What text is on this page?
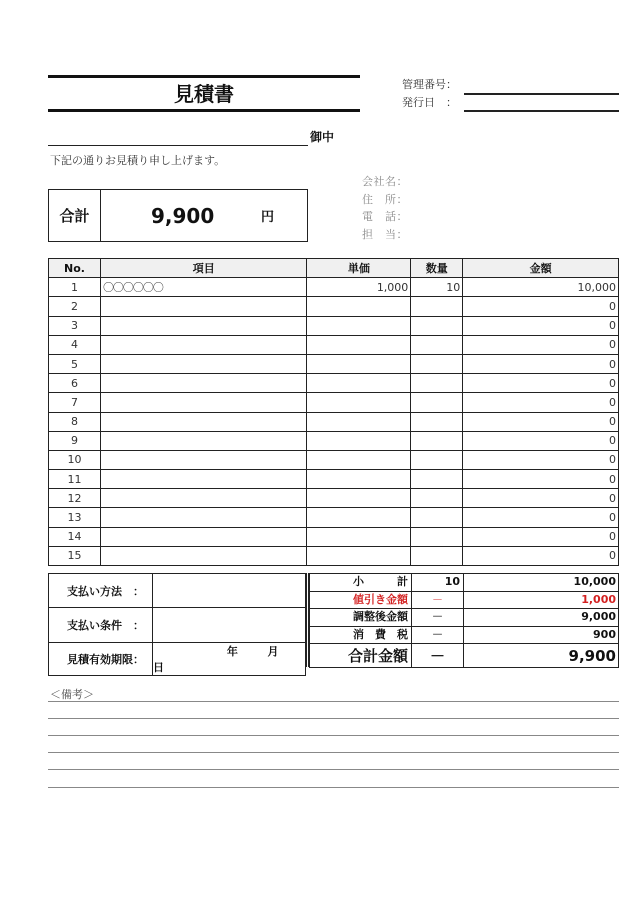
見積書	管理番号：
発行日　：
御中
下記の通りお見積り申し上げます。
合計	9,900	円
会社名：
住　所：
電　話：
担　当：
No.	項目	単価	数量	金額
1	〇〇〇〇〇〇	1,000	10	10,000
2				0
3				0
4				0
5				0
6				0
7				0
8				0
9				0
10				0
11				0
12				0
13				0
14				0
15				0
支払い方法　：	
支払い条件　：	
見積有効期限：	年 月  日
小　　　計	10	10,000
値引き金額	－	1,000
調整後金額	－	9,000
消　費　税	－	900
合計金額	－	9,900
＜備考＞
